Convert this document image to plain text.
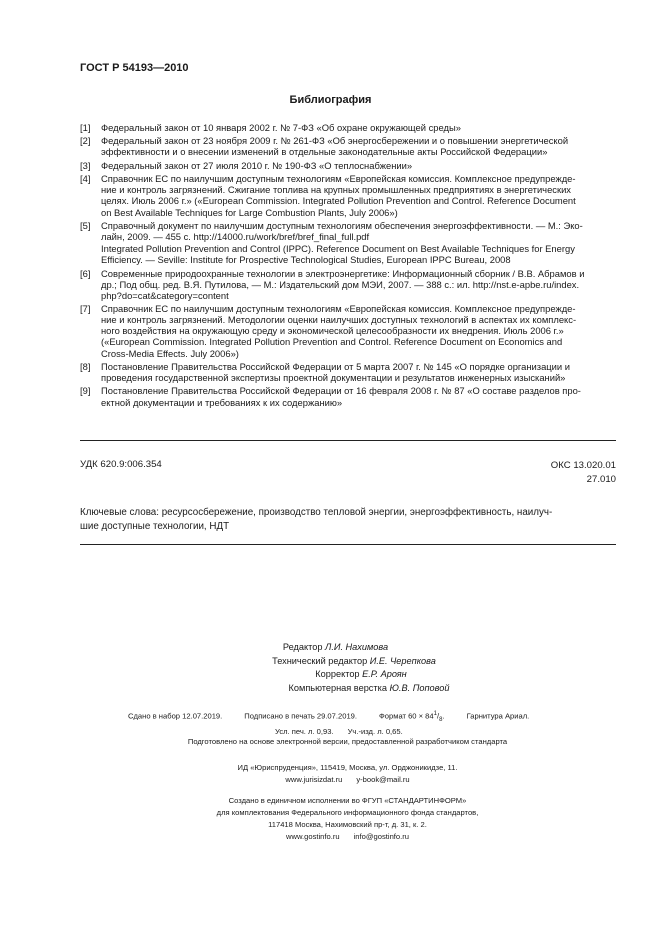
ГОСТ Р 54193—2010
Библиография
[1]	Федеральный закон от 10 января 2002 г. № 7-ФЗ «Об охране окружающей среды»
[2]	Федеральный закон от 23 ноября 2009 г. № 261-ФЗ «Об энергосбережении и о повышении энергетической
эффективности и о внесении изменений в отдельные законодательные акты Российской Федерации»
[3]	Федеральный закон от 27 июля 2010 г. № 190-ФЗ «О теплоснабжении»
[4]	Справочник ЕС по наилучшим доступным технологиям «Европейская комиссия. Комплексное предупрежде-
ние и контроль загрязнений. Сжигание топлива на крупных промышленных предприятиях в энергетических
целях. Июль 2006 г.» («European Commission. Integrated Pollution Prevention and Control. Reference Document
on Best Available Techniques for Large Combustion Plants, July 2006»)
[5]	Справочный документ по наилучшим доступным технологиям обеспечения энергоэффективности. — М.: Эко-
лайн, 2009. — 455 с. http://14000.ru/work/bref/bref_final_full.pdf
Integrated Pollution Prevention and Control (IPPC). Reference Document on Best Available Techniques for Energy
Efficiency. — Seville: Institute for Prospective Technological Studies, European IPPC Bureau, 2008
[6]	Современные природоохранные технологии в электроэнергетике: Информационный сборник / В.В. Абрамов и
др.; Под общ. ред. В.Я. Путилова, — М.: Издательский дом МЭИ, 2007. — 388 с.: ил. http://nst.e-apbe.ru/index.
php?do=cat&category=content
[7]	Справочник ЕС по наилучшим доступным технологиям «Европейская комиссия. Комплексное предупрежде-
ние и контроль загрязнений. Методологии оценки наилучших доступных технологий в аспектах их комплекс-
ного воздействия на окружающую среду и экономической целесообразности их внедрения. Июль 2006 г.»
(«European Commission. Integrated Pollution Prevention and Control. Reference Document on Economics and
Cross-Media Effects. July 2006»)
[8]	Постановление Правительства Российской Федерации от 5 марта 2007 г. № 145 «О порядке организации и
проведения государственной экспертизы проектной документации и результатов инженерных изысканий»
[9]	Постановление Правительства Российской Федерации от 16 февраля 2008 г. № 87 «О составе разделов про-
ектной документации и требованиях к их содержанию»
УДК 620.9:006.354	ОКС 13.020.01
27.010
Ключевые слова: ресурсосбережение, производство тепловой энергии, энергоэффективность, наилуч-
шие доступные технологии, НДТ
Редактор Л.И. Нахимова
Технический редактор И.Е. Черепкова
Корректор Е.Р. Ароян
Компьютерная верстка Ю.В. Поповой
Сдано в набор 12.07.2019.	Подписано в печать 29.07.2019.	Формат $60 \times 84^1/_8$.	Гарнитура Ариал.
Усл. печ. л. 0,93. Уч.-изд. л. 0,65.
Подготовлено на основе электронной версии, предоставленной разработчиком стандарта
ИД «Юриспруденция», 115419, Москва, ул. Орджоникидзе, 11.
www.jurisizdat.ru y-book@mail.ru
Создано в единичном исполнении во ФГУП «СТАНДАРТИНФОРМ»
для комплектования Федерального информационного фонда стандартов,
117418 Москва, Нахимовский пр-т, д. 31, к. 2.
www.gostinfo.ru info@gostinfo.ru
